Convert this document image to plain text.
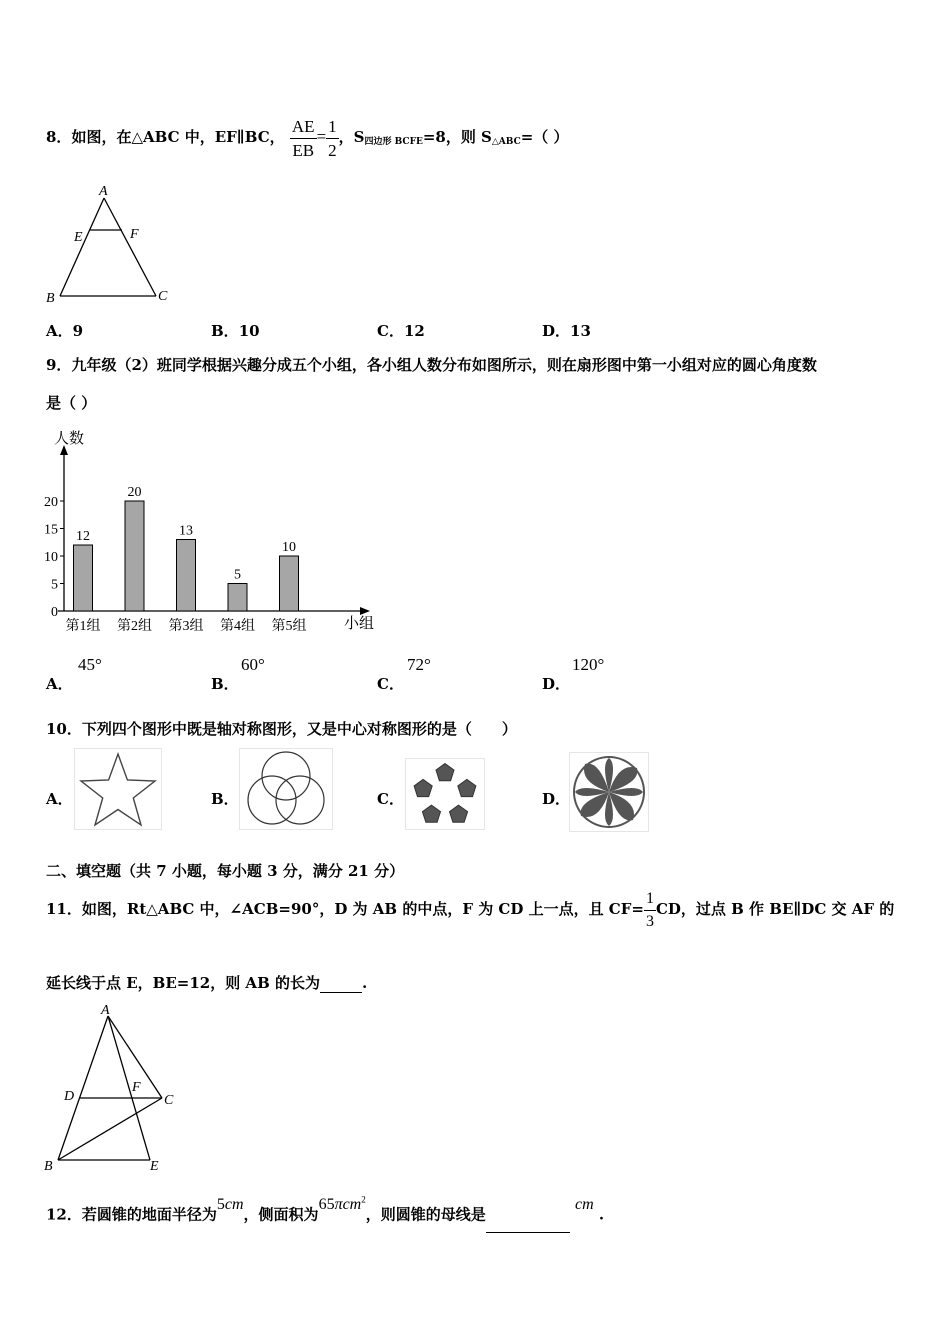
8．如图，在△ABC 中，EF∥BC， $\frac{AE}{EB} = \frac{1}{2}$ ，$S_{四边形 BCFE}=8$，则 $S_{\triangle ABC}=$（ ）
A
E	F
B	C
A．9	B．10	C．12	D．13
9．九年级（2）班同学根据兴趣分成五个小组，各小组人数分布如图所示，则在扇形图中第一小组对应的圆心角度数
是（ ）
人数
小组
0
5
10
15
20
12
第1组
20
第2组
13
第3组
5
第4组
10
第5组
A．
45°
B．
60°
C．
72°
D．
120°
10．下列四个图形中既是轴对称图形，又是中心对称图形的是（　　）
A．	B．	C．	D．
二、填空题（共 7 小题，每小题 3 分，满分 21 分）
11．如图，Rt△ABC 中，∠ACB=90°，D 为 AB 的中点，F 为 CD 上一点，且 $CF= \frac{1}{3}$ CD，过点 B 作 BE∥DC 交 AF 的
延长线于点 E，BE=12，则 AB 的长为	.
A
D
F
C
B	E
12．若圆锥的地面半径为5cm，侧面积为65πcm$^2$，则圆锥的母线是  cm .
